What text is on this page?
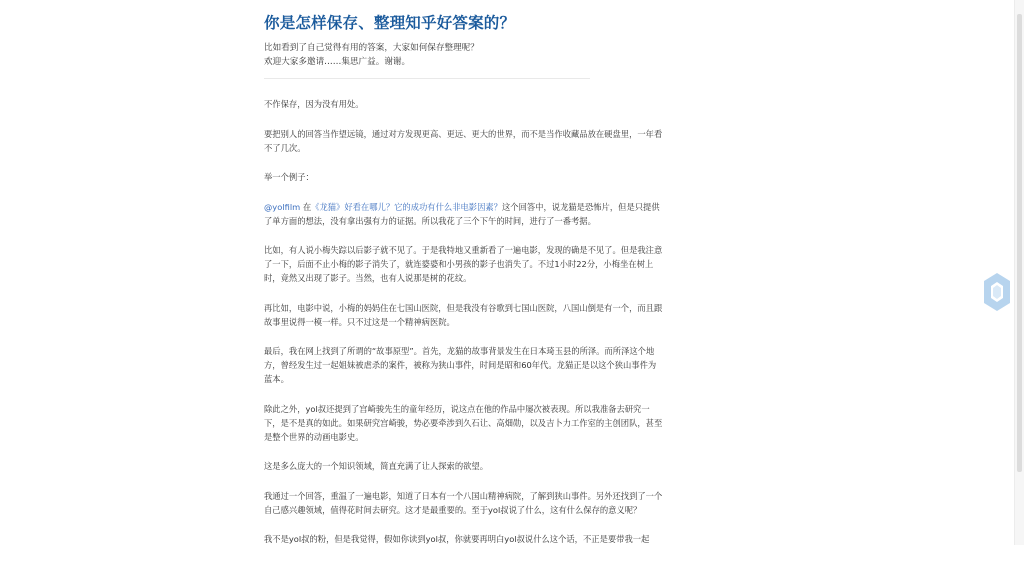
你是怎样保存、整理知乎好答案的？
比如看到了自己觉得有用的答案，大家如何保存整理呢？
欢迎大家多邀请……集思广益。谢谢。

不作保存，因为没有用处。

要把别人的回答当作望远镜，通过对方发现更高、更远、更大的世界，而不是当作收藏品放在硬盘里，一年看不了几次。

举一个例子：

@yolfilm 在《龙猫》好看在哪儿？它的成功有什么非电影因素？这个回答中，说龙猫是恐怖片，但是只提供了单方面的想法，没有拿出强有力的证据。所以我花了三个下午的时间，进行了一番考据。

比如，有人说小梅失踪以后影子就不见了。于是我特地又重新看了一遍电影，发现的确是不见了。但是我注意了一下，后面不止小梅的影子消失了，就连婆婆和小男孩的影子也消失了。不过1小时22分，小梅坐在树上时，竟然又出现了影子。当然，也有人说那是树的花纹。

再比如，电影中说，小梅的妈妈住在七国山医院，但是我没有谷歌到七国山医院，八国山倒是有一个，而且跟故事里说得一模一样。只不过这是一个精神病医院。

最后，我在网上找到了所谓的“故事原型”。首先，龙猫的故事背景发生在日本琦玉县的所泽。而所泽这个地方，曾经发生过一起姐妹被虐杀的案件，被称为狭山事件，时间是昭和60年代。龙猫正是以这个狭山事件为蓝本。

除此之外，yol叔还提到了宫崎骏先生的童年经历，说这点在他的作品中屡次被表现。所以我准备去研究一下，是不是真的如此。如果研究宫崎骏，势必要牵涉到久石让、高畑勋，以及吉卜力工作室的主创团队，甚至是整个世界的动画电影史。

这是多么庞大的一个知识领域，简直充满了让人探索的欲望。

我通过一个回答，重温了一遍电影，知道了日本有一个八国山精神病院，了解到狭山事件。另外还找到了一个自己感兴趣领域，值得花时间去研究。这才是最重要的。至于yol叔说了什么，这有什么保存的意义呢？

我不是yol叔的粉，但是我觉得，假如你读到yol叔，你就要再明白yol叔说什么这个话，不正是要带我一起
